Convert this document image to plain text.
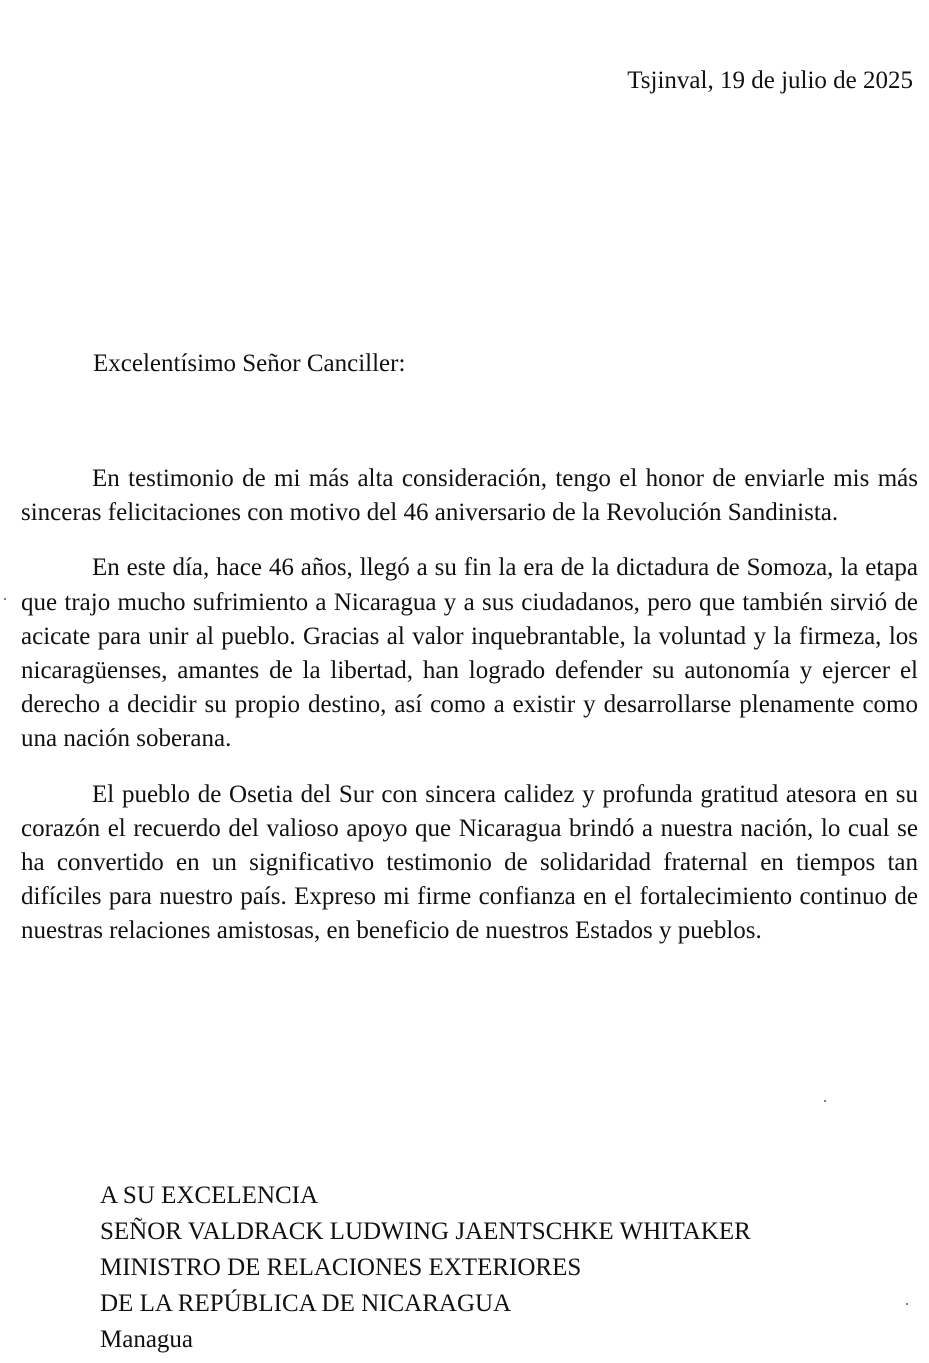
Tsjinval, 19 de julio de 2025
Excelentísimo Señor Canciller:

En testimonio de mi más alta consideración, tengo el honor de enviarle mis más sinceras felicitaciones con motivo del 46 aniversario de la Revolución Sandinista.

En este día, hace 46 años, llegó a su fin la era de la dictadura de Somoza, la etapa que trajo mucho sufrimiento a Nicaragua y a sus ciudadanos, pero que también sirvió de acicate para unir al pueblo. Gracias al valor inquebrantable, la voluntad y la firmeza, los nicaragüenses, amantes de la libertad, han logrado defender su autonomía y ejercer el derecho a decidir su propio destino, así como a existir y desarrollarse plenamente como una nación soberana.

El pueblo de Osetia del Sur con sincera calidez y profunda gratitud atesora en su corazón el recuerdo del valioso apoyo que Nicaragua brindó a nuestra nación, lo cual se ha convertido en un significativo testimonio de solidaridad fraternal en tiempos tan difíciles para nuestro país. Expreso mi firme confianza en el fortalecimiento continuo de nuestras relaciones amistosas, en beneficio de nuestros Estados y pueblos.

A SU EXCELENCIA
SEÑOR VALDRACK LUDWING JAENTSCHKE WHITAKER
MINISTRO DE RELACIONES EXTERIORES
DE LA REPÚBLICA DE NICARAGUA
Managua
